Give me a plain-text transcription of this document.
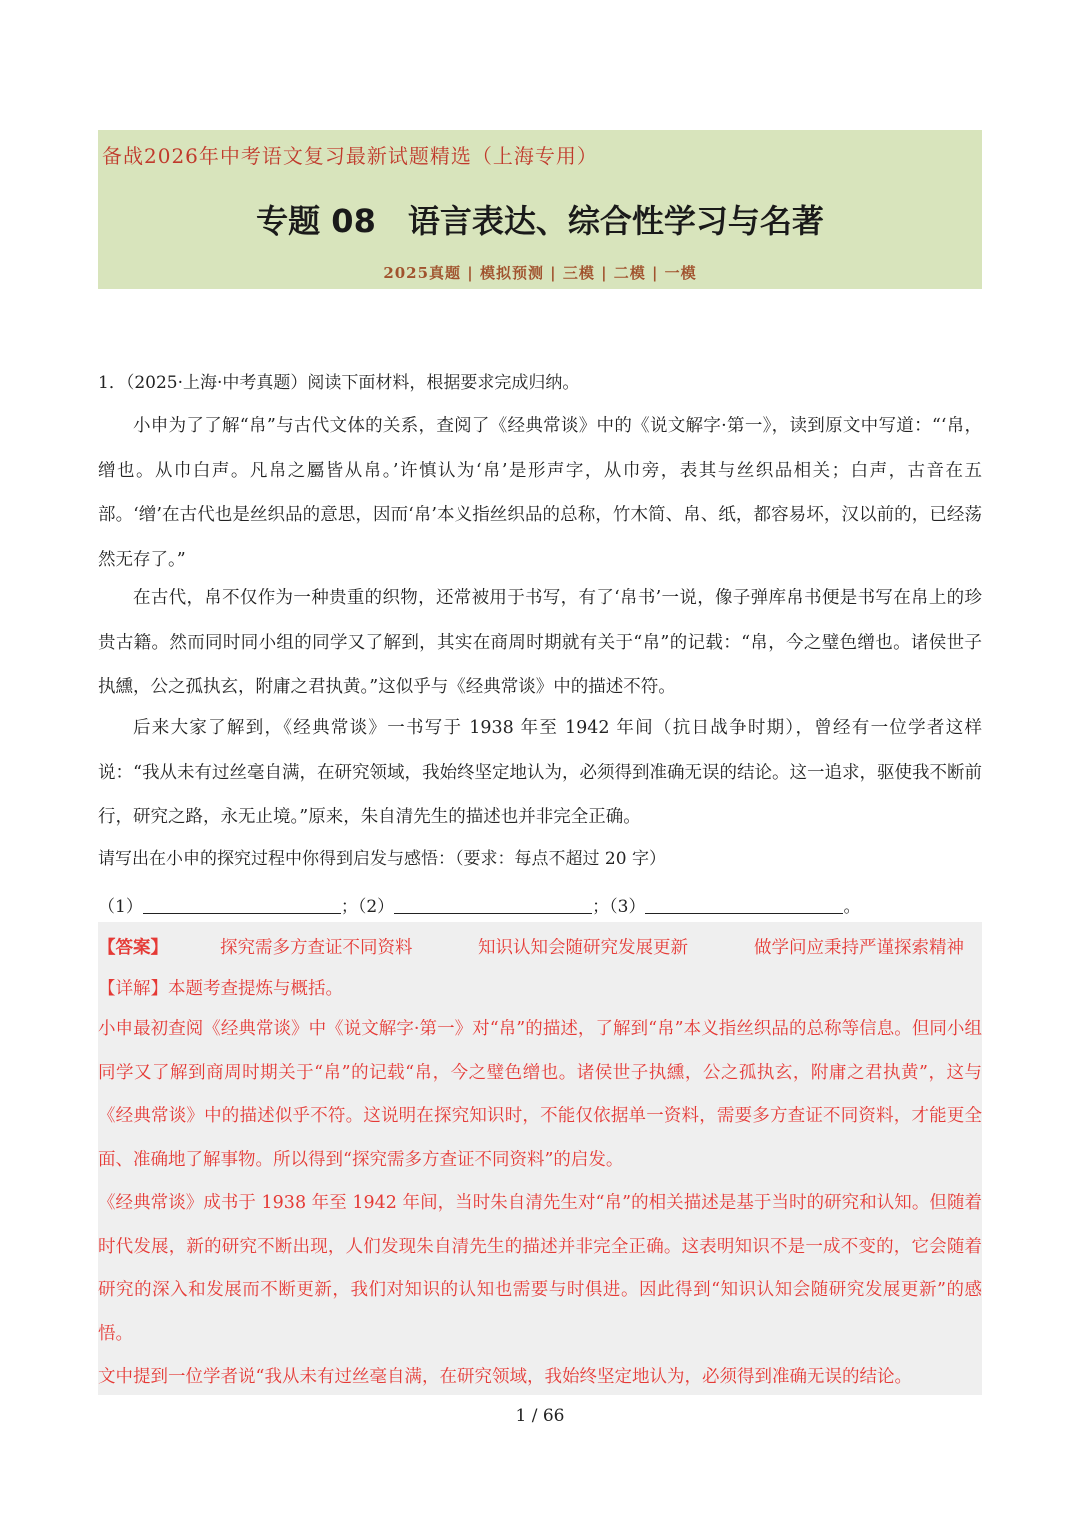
备战2026年中考语文复习最新试题精选（上海专用）
专题 08　语言表达、综合性学习与名著
2025真题 | 模拟预测 | 三模 | 二模 | 一模
1．（2025·上海·中考真题）阅读下面材料，根据要求完成归纳。

小申为了了解“帛”与古代文体的关系，查阅了《经典常谈》中的《说文解字·第一》，读到原文中写道：“‘帛，缯也。从巾白声。凡帛之屬皆从帛。’许慎认为‘帛’是形声字，从巾旁，表其与丝织品相关；白声，古音在五部。‘缯’在古代也是丝织品的意思，因而‘帛’本义指丝织品的总称，竹木简、帛、纸，都容易坏，汉以前的，已经荡然无存了。”

在古代，帛不仅作为一种贵重的织物，还常被用于书写，有了‘帛书’一说，像子弹库帛书便是书写在帛上的珍贵古籍。然而同时同小组的同学又了解到，其实在商周时期就有关于“帛”的记载：“帛，今之璧色缯也。诸侯世子执纁，公之孤执玄，附庸之君执黄。”这似乎与《经典常谈》中的描述不符。

后来大家了解到，《经典常谈》一书写于 1938 年至 1942 年间（抗日战争时期），曾经有一位学者这样说：“我从未有过丝毫自满，在研究领域，我始终坚定地认为，必须得到准确无误的结论。这一追求，驱使我不断前行，研究之路，永无止境。”原来，朱自清先生的描述也并非完全正确。

请写出在小申的探究过程中你得到启发与感悟：（要求：每点不超过 20 字）
（1）	；（2）	；（3）	。
【答案】	探究需多方查证不同资料	知识认知会随研究发展更新	做学问应秉持严谨探索精神
【详解】本题考查提炼与概括。

小申最初查阅《经典常谈》中《说文解字·第一》对“帛”的描述，了解到“帛”本义指丝织品的总称等信息。但同小组同学又了解到商周时期关于“帛”的记载“帛，今之璧色缯也。诸侯世子执纁，公之孤执玄，附庸之君执黄”，这与《经典常谈》中的描述似乎不符。这说明在探究知识时，不能仅依据单一资料，需要多方查证不同资料，才能更全面、准确地了解事物。所以得到“探究需多方查证不同资料”的启发。

《经典常谈》成书于 1938 年至 1942 年间，当时朱自清先生对“帛”的相关描述是基于当时的研究和认知。但随着时代发展，新的研究不断出现，人们发现朱自清先生的描述并非完全正确。这表明知识不是一成不变的，它会随着研究的深入和发展而不断更新，我们对知识的认知也需要与时俱进。因此得到“知识认知会随研究发展更新”的感悟。

文中提到一位学者说“我从未有过丝毫自满，在研究领域，我始终坚定地认为，必须得到准确无误的结论。

1 / 66
